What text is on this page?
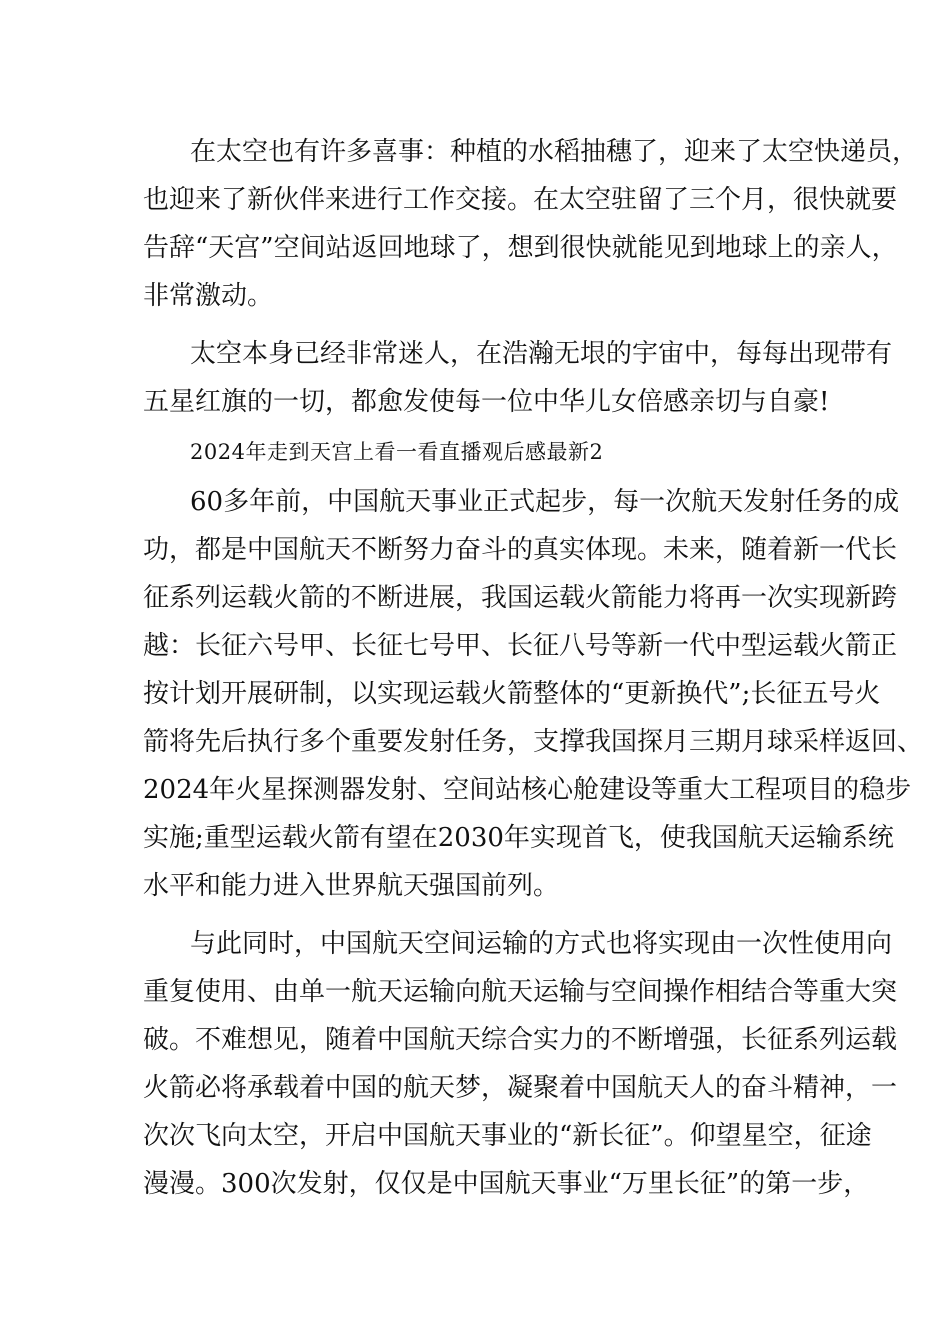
在太空也有许多喜事：种植的水稻抽穗了，迎来了太空快递员，

也迎来了新伙伴来进行工作交接。在太空驻留了三个月，很快就要

告辞“天宫”空间站返回地球了，想到很快就能见到地球上的亲人，

非常激动。

太空本身已经非常迷人，在浩瀚无垠的宇宙中，每每出现带有

五星红旗的一切，都愈发使每一位中华儿女倍感亲切与自豪!

2024年走到天宫上看一看直播观后感最新2

60多年前，中国航天事业正式起步，每一次航天发射任务的成

功，都是中国航天不断努力奋斗的真实体现。未来，随着新一代长

征系列运载火箭的不断进展，我国运载火箭能力将再一次实现新跨

越：长征六号甲、长征七号甲、长征八号等新一代中型运载火箭正

按计划开展研制，以实现运载火箭整体的“更新换代”;长征五号火

箭将先后执行多个重要发射任务，支撑我国探月三期月球采样返回、

2024年火星探测器发射、空间站核心舱建设等重大工程项目的稳步

实施;重型运载火箭有望在2030年实现首飞，使我国航天运输系统

水平和能力进入世界航天强国前列。

与此同时，中国航天空间运输的方式也将实现由一次性使用向

重复使用、由单一航天运输向航天运输与空间操作相结合等重大突

破。不难想见，随着中国航天综合实力的不断增强，长征系列运载

火箭必将承载着中国的航天梦，凝聚着中国航天人的奋斗精神，一

次次飞向太空，开启中国航天事业的“新长征”。仰望星空，征途

漫漫。300次发射，仅仅是中国航天事业“万里长征”的第一步，
